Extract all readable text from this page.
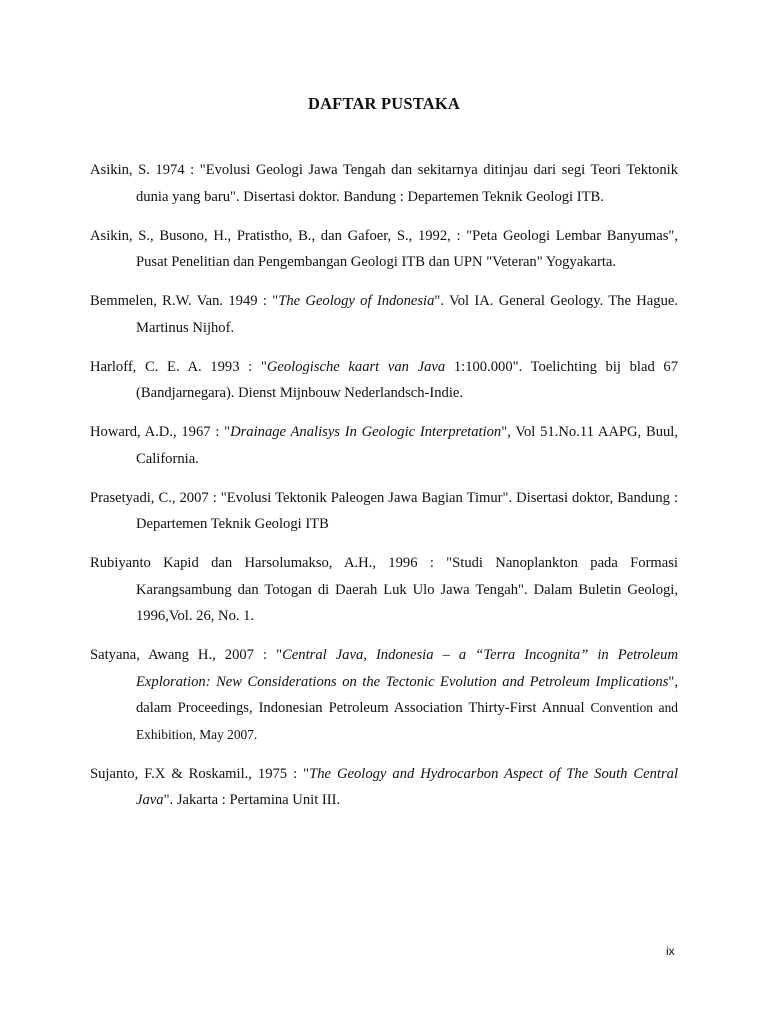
DAFTAR PUSTAKA

Asikin, S. 1974 : "Evolusi Geologi Jawa Tengah dan sekitarnya ditinjau dari segi Teori Tektonik dunia yang baru". Disertasi doktor. Bandung : Departemen Teknik Geologi ITB.

Asikin, S., Busono, H., Pratistho, B., dan Gafoer, S., 1992, : "Peta Geologi Lembar Banyumas", Pusat Penelitian dan Pengembangan Geologi ITB dan UPN "Veteran" Yogyakarta.

Bemmelen, R.W. Van. 1949 : "The Geology of Indonesia". Vol IA. General Geology. The Hague. Martinus Nijhof.

Harloff, C. E. A. 1993 : "Geologische kaart van Java 1:100.000". Toelichting bij blad 67 (Bandjarnegara). Dienst Mijnbouw Nederlandsch-Indie.

Howard, A.D., 1967 : "Drainage Analisys In Geologic Interpretation", Vol 51.No.11 AAPG, Buul, California.

Prasetyadi, C., 2007 : "Evolusi Tektonik Paleogen Jawa Bagian Timur". Disertasi doktor, Bandung : Departemen Teknik Geologi ITB

Rubiyanto Kapid dan Harsolumakso, A.H., 1996 : "Studi Nanoplankton pada Formasi Karangsambung dan Totogan di Daerah Luk Ulo Jawa Tengah". Dalam Buletin Geologi, 1996,Vol. 26, No. 1.

Satyana, Awang H., 2007 : "Central Java, Indonesia – a “Terra Incognita” in Petroleum Exploration: New Considerations on the Tectonic Evolution and Petroleum Implications", dalam Proceedings, Indonesian Petroleum Association Thirty-First Annual Convention and Exhibition, May 2007.

Sujanto, F.X & Roskamil., 1975 : "The Geology and Hydrocarbon Aspect of The South Central Java". Jakarta : Pertamina Unit III.

ix
